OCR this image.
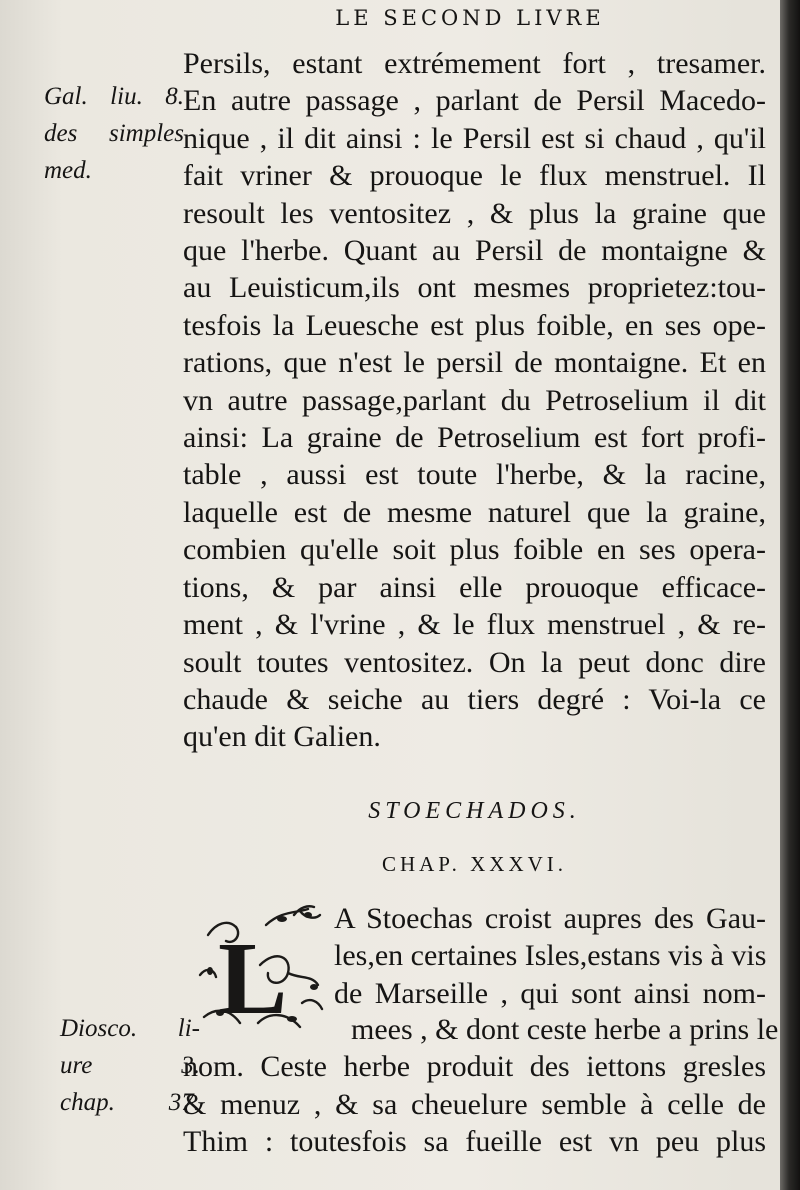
LE SECOND LIVRE
Gal. liu. 8.
des simples
med.
Persils, estant extrémement fort , tresamer.
En autre passage , parlant de Persil Macedo-
nique , il dit ainsi : le Persil est si chaud , qu'il
fait vriner & prouoque le flux menstruel. Il
resoult les ventositez , & plus la graine que
que l'herbe. Quant au Persil de montaigne &
au Leuisticum,ils ont mesmes proprietez:tou-
tesfois la Leuesche est plus foible, en ses ope-
rations, que n'est le persil de montaigne. Et en
vn autre passage,parlant du Petroselium il dit
ainsi: La graine de Petroselium est fort profi-
table , aussi est toute l'herbe, & la racine,
laquelle est de mesme naturel que la graine,
combien qu'elle soit plus foible en ses opera-
tions, & par ainsi elle prouoque efficace-
ment , & l'vrine , & le flux menstruel , & re-
soult toutes ventositez. On la peut donc dire
chaude & seiche au tiers degré : Voi-la ce
qu'en dit Galien.
STOECHADOS.
CHAP. XXXVI.
L
A Stoechas croist aupres des Gau-
les,en certaines Isles,estans vis à vis
de Marseille , qui sont ainsi nom-
Diosco. li-
ure 3.
chap. 37.
mees , & dont ceste herbe a prins le
nom. Ceste herbe produit des iettons gresles
& menuz , & sa cheuelure semble à celle de
Thim : toutesfois sa fueille est vn peu plus
